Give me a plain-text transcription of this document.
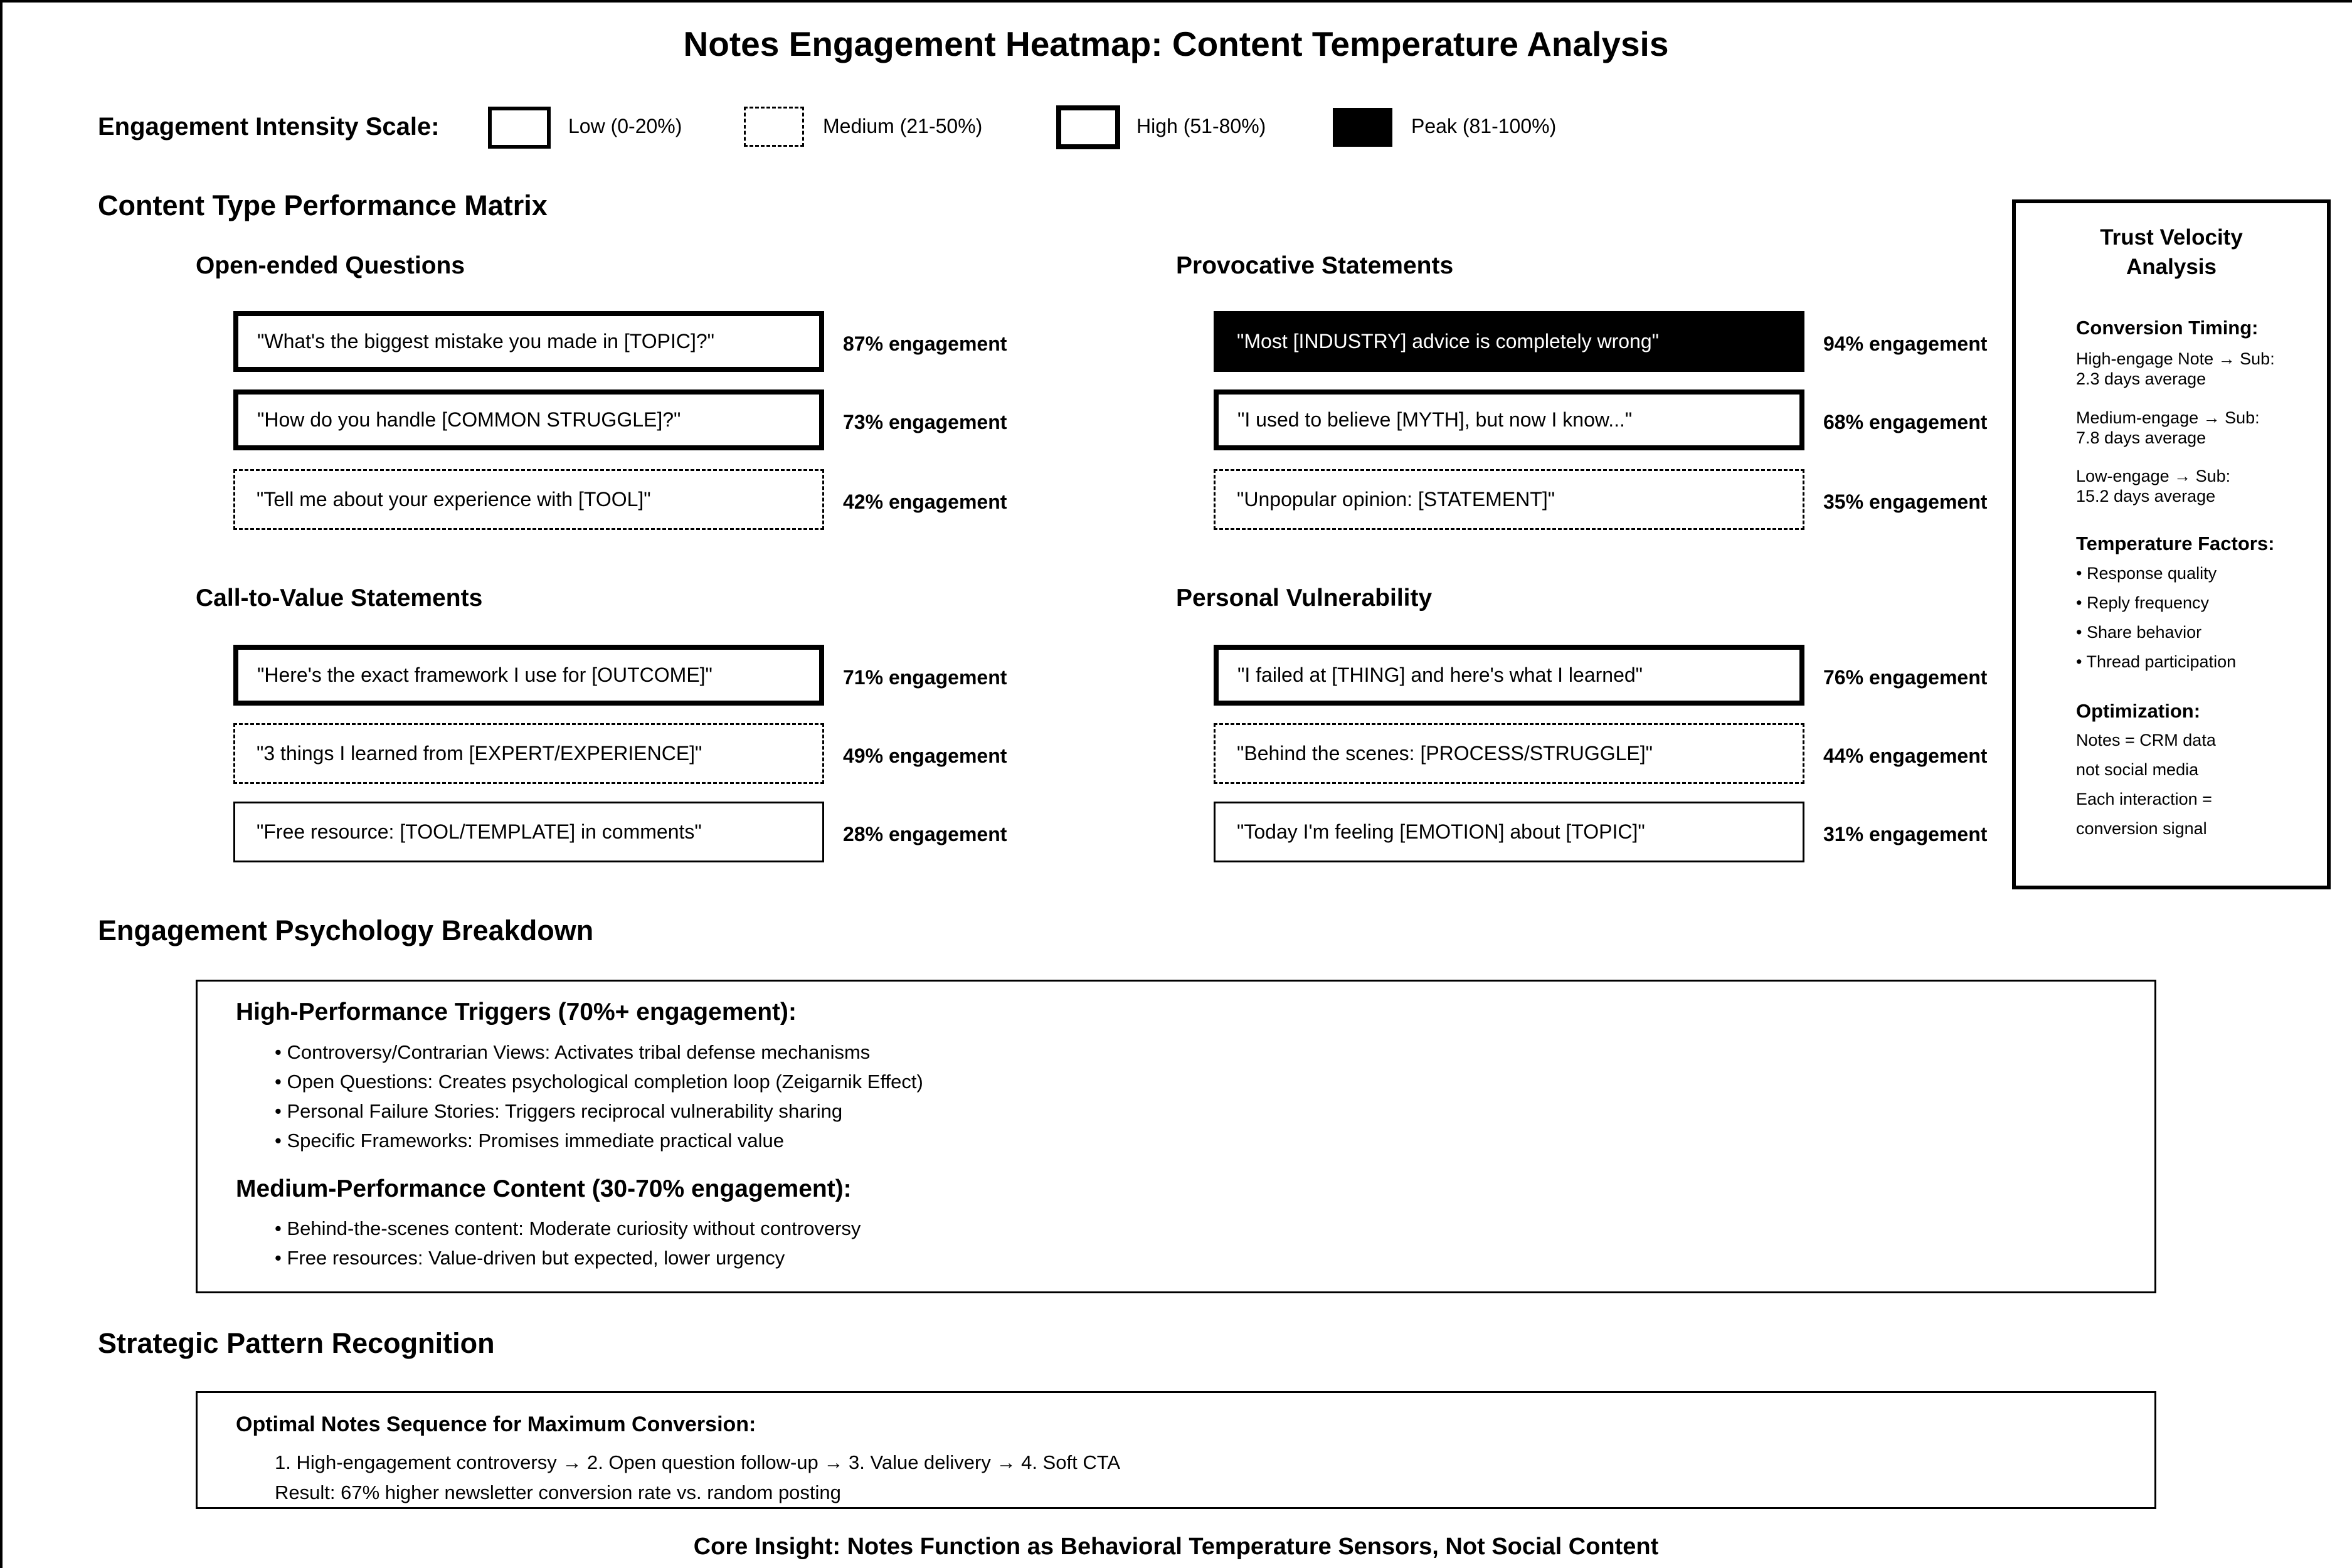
Notes Engagement Heatmap: Content Temperature Analysis
Engagement Intensity Scale:	Low (0-20%)	Medium (21-50%)	High (51-80%)	Peak (81-100%)
Content Type Performance Matrix
Open-ended Questions
"What's the biggest mistake you made in [TOPIC]?"	87% engagement
"How do you handle [COMMON STRUGGLE]?"	73% engagement
"Tell me about your experience with [TOOL]"	42% engagement
Provocative Statements
"Most [INDUSTRY] advice is completely wrong"	94% engagement
"I used to believe [MYTH], but now I know..."	68% engagement
"Unpopular opinion: [STATEMENT]"	35% engagement
Call-to-Value Statements
"Here's the exact framework I use for [OUTCOME]"	71% engagement
"3 things I learned from [EXPERT/EXPERIENCE]"	49% engagement
"Free resource: [TOOL/TEMPLATE] in comments"	28% engagement
Personal Vulnerability
"I failed at [THING] and here's what I learned"	76% engagement
"Behind the scenes: [PROCESS/STRUGGLE]"	44% engagement
"Today I'm feeling [EMOTION] about [TOPIC]"	31% engagement
Trust Velocity
Analysis
Conversion Timing:
High-engage Note → Sub:
2.3 days average
Medium-engage → Sub:
7.8 days average
Low-engage → Sub:
15.2 days average
Temperature Factors:
• Response quality
• Reply frequency
• Share behavior
• Thread participation
Optimization:
Notes = CRM data
not social media
Each interaction =
conversion signal
Engagement Psychology Breakdown
High-Performance Triggers (70%+ engagement):
• Controversy/Contrarian Views: Activates tribal defense mechanisms
• Open Questions: Creates psychological completion loop (Zeigarnik Effect)
• Personal Failure Stories: Triggers reciprocal vulnerability sharing
• Specific Frameworks: Promises immediate practical value
Medium-Performance Content (30-70% engagement):
• Behind-the-scenes content: Moderate curiosity without controversy
• Free resources: Value-driven but expected, lower urgency
Strategic Pattern Recognition
Optimal Notes Sequence for Maximum Conversion:
1. High-engagement controversy → 2. Open question follow-up → 3. Value delivery → 4. Soft CTA
Result: 67% higher newsletter conversion rate vs. random posting
Core Insight: Notes Function as Behavioral Temperature Sensors, Not Social Content
